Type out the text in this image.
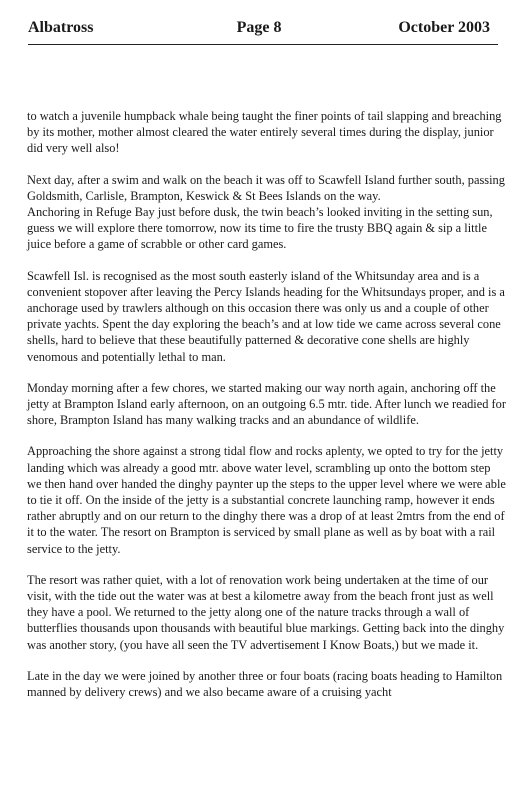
Albatross	Page 8	October 2003

to watch a juvenile humpback whale being taught the finer points of tail slapping and breaching by its mother, mother almost cleared the water entirely several times during the display, junior did very well also!

Next day, after a swim and walk on the beach it was off to Scawfell Island further south, passing Goldsmith, Carlisle, Brampton, Keswick & St Bees Islands on the way.

Anchoring in Refuge Bay just before dusk, the twin beach’s looked inviting in the setting sun, guess we will explore there tomorrow, now its time to fire the trusty BBQ again & sip a little juice before a game of scrabble or other card games.

Scawfell Isl. is recognised as the most south easterly island of the Whitsunday area and is a convenient stopover after leaving the Percy Islands heading for the Whitsundays proper, and is a anchorage used by trawlers although on this occasion there was only us and a couple of other private yachts. Spent the day exploring the beach’s and at low tide we came across several cone shells, hard to believe that these beautifully patterned & decorative cone shells are highly venomous and potentially lethal to man.

Monday morning after a few chores, we started making our way north again, anchoring off the jetty at Brampton Island early afternoon, on an outgoing 6.5 mtr. tide. After lunch we readied for shore, Brampton Island has many walking tracks and an abundance of wildlife.

Approaching the shore against a strong tidal flow and rocks aplenty, we opted to try for the jetty landing which was already a good mtr. above water level, scrambling up onto the bottom step we then hand over handed the dinghy paynter up the steps to the upper level where we were able to tie it off. On the inside of the jetty is a substantial concrete launching ramp, however it ends rather abruptly and on our return to the dinghy there was a drop of at least 2mtrs from the end of it to the water. The resort on Brampton is serviced by small plane as well as by boat with a rail service to the jetty.

The resort was rather quiet, with a lot of renovation work being undertaken at the time of our visit, with the tide out the water was at best a kilometre away from the beach front just as well they have a pool. We returned to the jetty along one of the nature tracks through a wall of butterflies thousands upon thousands with beautiful blue markings. Getting back into the dinghy was another story, (you have all seen the TV advertisement I Know Boats,) but we made it.

Late in the day we were joined by another three or four boats (racing boats heading to Hamilton manned by delivery crews) and we also became aware of a cruising yacht
